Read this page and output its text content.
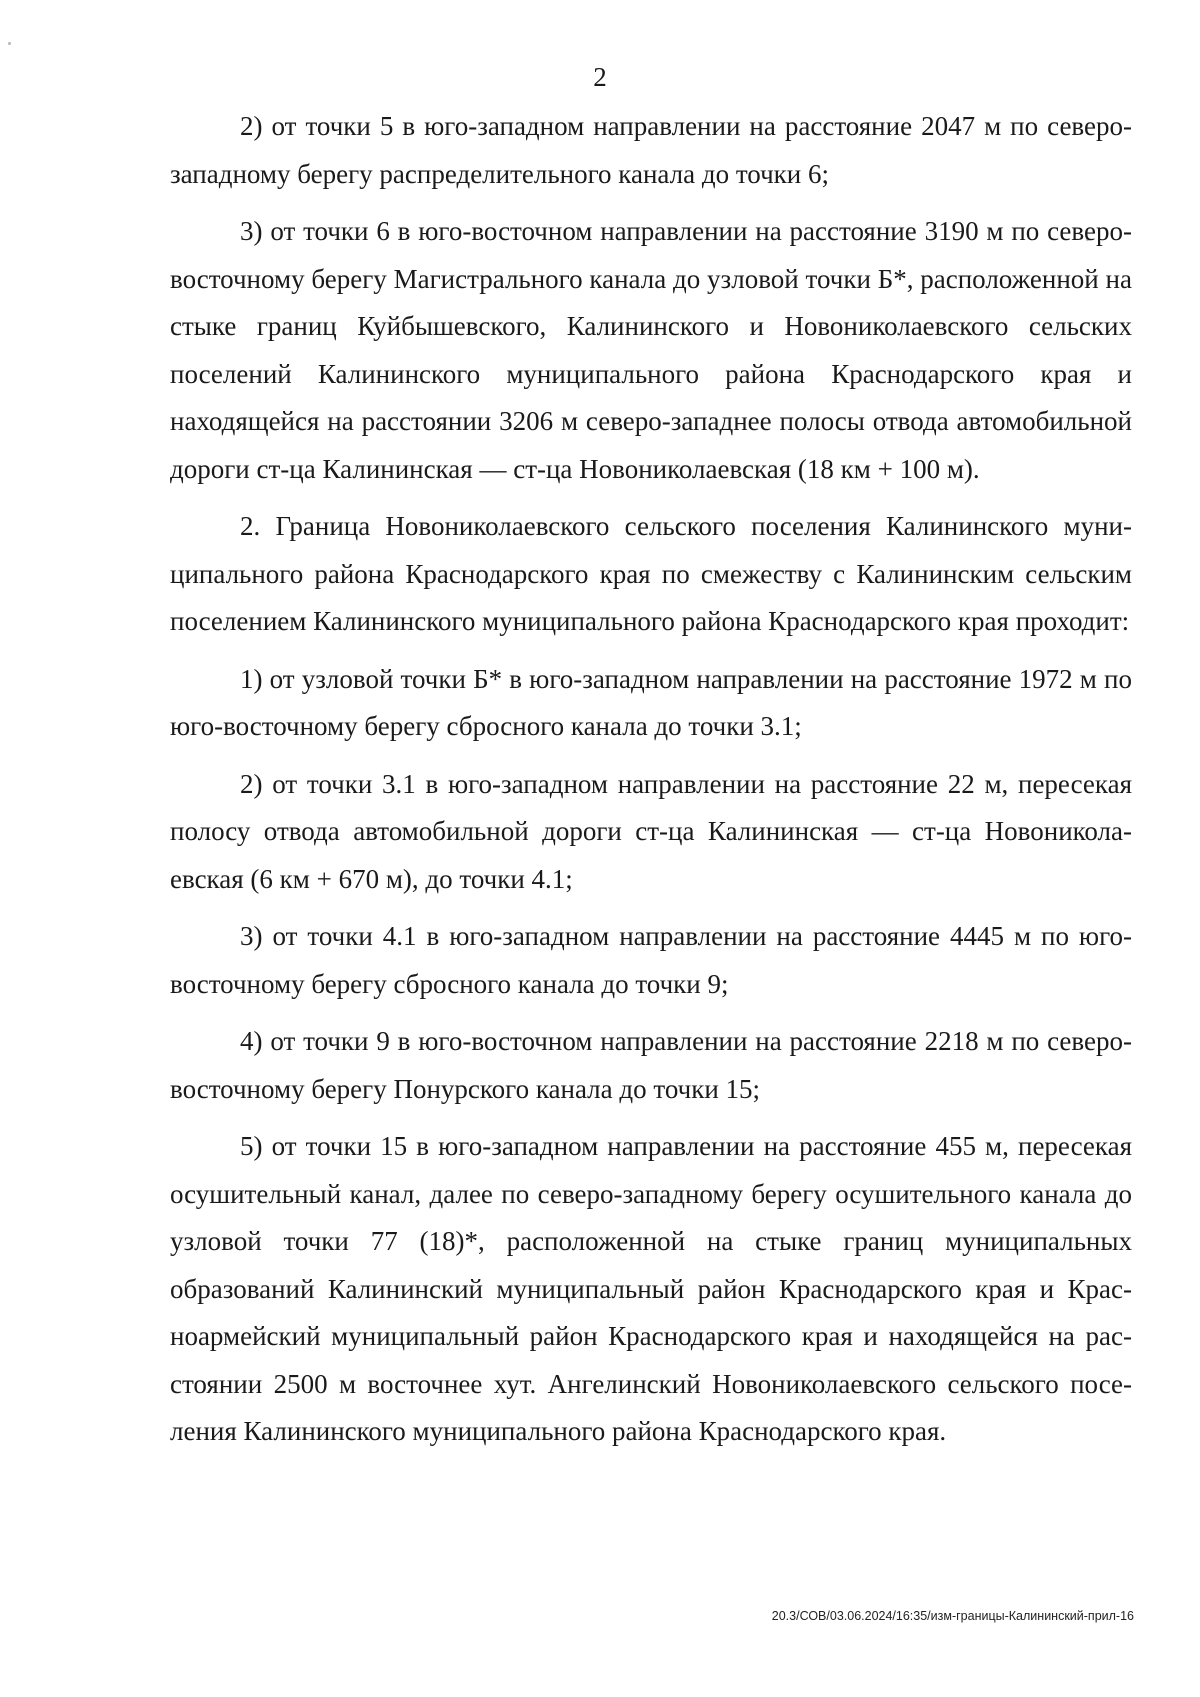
2

2) от точки 5 в юго-западном направлении на расстояние 2047 м по северо-западному берегу распределительного канала до точки 6;

3) от точки 6 в юго-восточном направлении на расстояние 3190 м по северо-восточному берегу Магистрального канала до узловой точки Б*, расположенной на стыке границ Куйбышевского, Калининского и Новониколаевского сельских поселений Калининского муниципального района Краснодарского края и находящейся на расстоянии 3206 м северо-западнее полосы отвода автомобильной дороги ст-ца Калининская — ст-ца Новониколаевская (18 км + 100 м).

2. Граница Новониколаевского сельского поселения Калининского муниципального района Краснодарского края по смежеству с Калининским сельским поселением Калининского муниципального района Краснодарского края проходит:

1) от узловой точки Б* в юго-западном направлении на расстояние 1972 м по юго-восточному берегу сбросного канала до точки 3.1;

2) от точки 3.1 в юго-западном направлении на расстояние 22 м, пересекая полосу отвода автомобильной дороги ст-ца Калининская — ст-ца Новониколаевская (6 км + 670 м), до точки 4.1;

3) от точки 4.1 в юго-западном направлении на расстояние 4445 м по юго-восточному берегу сбросного канала до точки 9;

4) от точки 9 в юго-восточном направлении на расстояние 2218 м по северо-восточному берегу Понурского канала до точки 15;

5) от точки 15 в юго-западном направлении на расстояние 455 м, пересекая осушительный канал, далее по северо-западному берегу осушительного канала до узловой точки 77 (18)*, расположенной на стыке границ муниципальных образований Калининский муниципальный район Краснодарского края и Красноармейский муниципальный район Краснодарского края и находящейся на расстоянии 2500 м восточнее хут. Ангелинский Новониколаевского сельского поселения Калининского муниципального района Краснодарского края.

20.3/СОВ/03.06.2024/16:35/изм-границы-Калининский-прил-16
